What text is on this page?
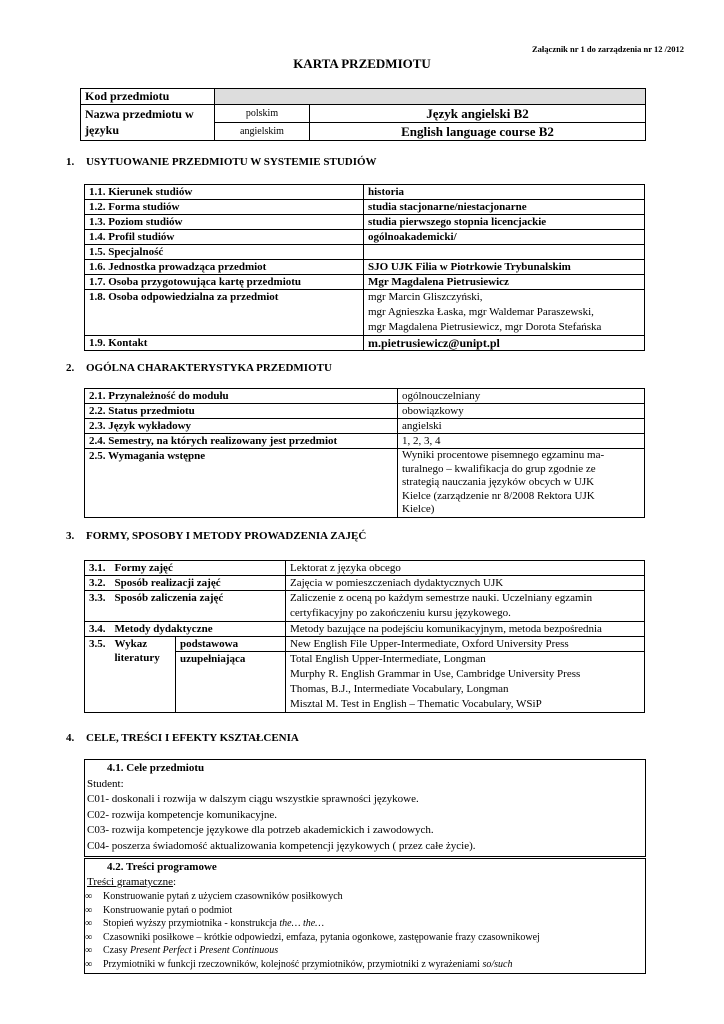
Załącznik nr 1 do zarządzenia nr 12 /2012
KARTA PRZEDMIOTU
Kod przedmiotu		
Nazwa przedmiotu w języku	polskim	Język angielski B2
	angielskim	English language course B2
1. USYTUOWANIE PRZEDMIOTU W SYSTEMIE STUDIÓW
1.1. Kierunek studiów	historia
1.2. Forma studiów	studia stacjonarne/niestacjonarne
1.3. Poziom studiów	studia pierwszego stopnia licencjackie
1.4. Profil studiów	ogólnoakademicki/
1.5. Specjalność	
1.6. Jednostka prowadząca przedmiot	SJO UJK Filia w Piotrkowie Trybunalskim
1.7. Osoba przygotowująca kartę przedmiotu	Mgr Magdalena Pietrusiewicz
1.8. Osoba odpowiedzialna za przedmiot	mgr Marcin Gliszczyński,
mgr Agnieszka Łaska, mgr Waldemar Paraszewski,
mgr Magdalena Pietrusiewicz, mgr Dorota Stefańska

1.9. Kontakt	m.pietrusiewicz@unipt.pl
2. OGÓLNA CHARAKTERYSTYKA PRZEDMIOTU
2.1. Przynależność do modułu	ogólnouczelniany
2.2. Status przedmiotu	obowiązkowy
2.3. Język wykładowy	angielski
2.4. Semestry, na których realizowany jest przedmiot	1, 2, 3, 4
2.5. Wymagania wstępne	Wyniki procentowe pisemnego egzaminu ma-
turalnego – kwalifikacja do grup zgodnie ze
strategią nauczania języków obcych w UJK
Kielce (zarządzenie nr 8/2008 Rektora UJK
Kielce)
3. FORMY, SPOSOBY I METODY PROWADZENIA ZAJĘĆ
3.1.	Formy zajęć		Lektorat z języka obcego
3.2.	Sposób realizacji zajęć		Zajęcia w pomieszczeniach dydaktycznych UJK
3.3.	Sposób zaliczenia zajęć		Zaliczenie z oceną po każdym semestrze nauki. Uczelniany egzamin
certyfikacyjny po zakończeniu kursu językowego.

3.4.	Metody dydaktyczne		Metody bazujące na podejściu komunikacyjnym, metoda bezpośrednia
3.5.	Wykaz
literatury	podstawowa	New English File Upper-Intermediate, Oxford University Press
		uzupełniająca	Total English Upper-Intermediate, Longman
Murphy R. English Grammar in Use, Cambridge University Press
Thomas, B.J., Intermediate Vocabulary, Longman
Misztal M. Test in English – Thematic Vocabulary, WSiP
4. CELE, TREŚCI I EFEKTY KSZTAŁCENIA
4.1. Cele przedmiotu
Student:
C01- doskonali i rozwija w dalszym ciągu wszystkie sprawności językowe.
C02- rozwija kompetencje komunikacyjne.
C03- rozwija kompetencje językowe dla potrzeb akademickich i zawodowych.
C04- poszerza świadomość aktualizowania kompetencji językowych ( przez całe życie).
4.2. Treści programowe
Treści gramatyczne:
∞ Konstruowanie pytań z użyciem czasowników posiłkowych
∞ Konstruowanie pytań o podmiot
∞ Stopień wyższy przymiotnika - konstrukcja the… the…
∞ Czasowniki posiłkowe – krótkie odpowiedzi, emfaza, pytania ogonkowe, zastępowanie frazy czasownikowej
∞ Czasy Present Perfect i Present Continuous
∞ Przymiotniki w funkcji rzeczowników, kolejność przymiotników, przymiotniki z wyrażeniami so/such
